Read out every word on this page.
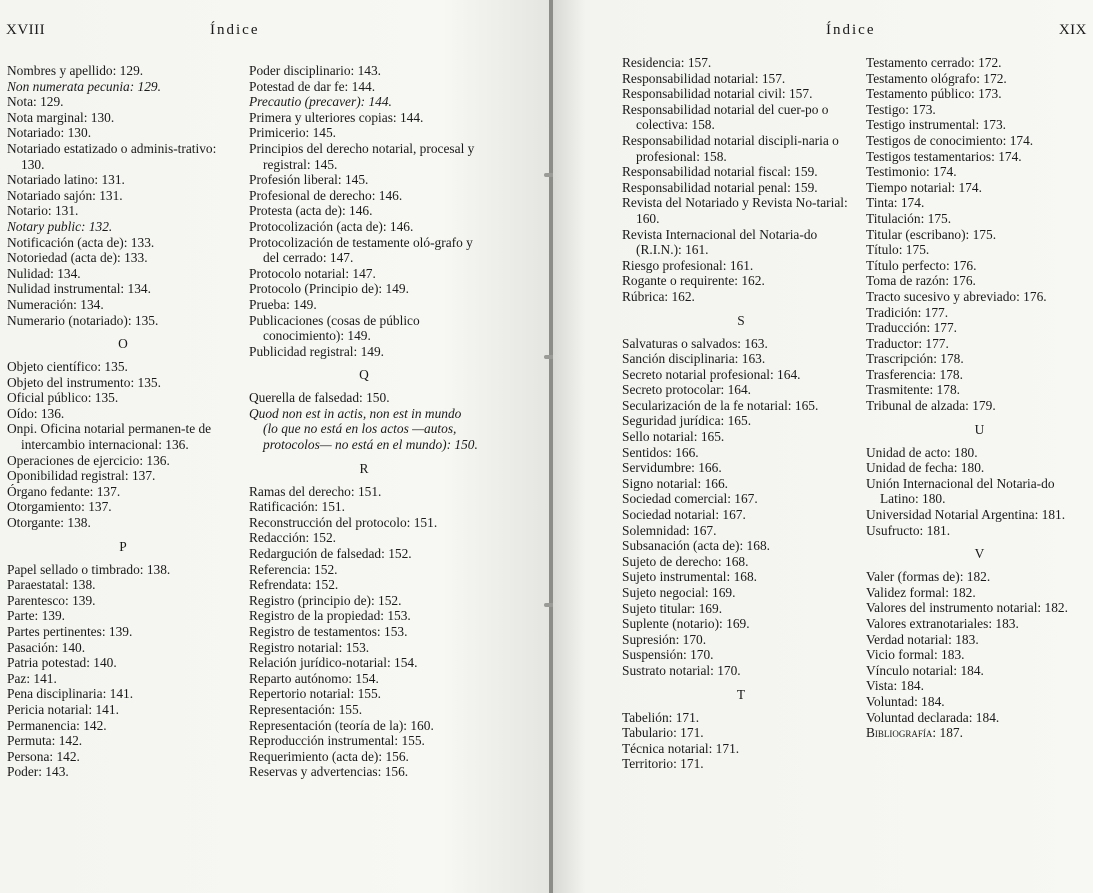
XVIII	Índice

Nombres y apellido: 129.

Non numerata pecunia: 129.

Nota: 129.

Nota marginal: 130.

Notariado: 130.

Notariado estatizado o adminis-trativo: 130.

Notariado latino: 131.

Notariado sajón: 131.

Notario: 131.

Notary public: 132.

Notificación (acta de): 133.

Notoriedad (acta de): 133.

Nulidad: 134.

Nulidad instrumental: 134.

Numeración: 134.

Numerario (notariado): 135.

O

Objeto científico: 135.

Objeto del instrumento: 135.

Oficial público: 135.

Oído: 136.

Onpi. Oficina notarial permanen-te de intercambio internacional: 136.

Operaciones de ejercicio: 136.

Oponibilidad registral: 137.

Órgano fedante: 137.

Otorgamiento: 137.

Otorgante: 138.

P

Papel sellado o timbrado: 138.

Paraestatal: 138.

Parentesco: 139.

Parte: 139.

Partes pertinentes: 139.

Pasación: 140.

Patria potestad: 140.

Paz: 141.

Pena disciplinaria: 141.

Pericia notarial: 141.

Permanencia: 142.

Permuta: 142.

Persona: 142.

Poder: 143.

Poder disciplinario: 143.

Potestad de dar fe: 144.

Precautio (precaver): 144.

Primera y ulteriores copias: 144.

Primicerio: 145.

Principios del derecho notarial, procesal y registral: 145.

Profesión liberal: 145.

Profesional de derecho: 146.

Protesta (acta de): 146.

Protocolización (acta de): 146.

Protocolización de testamente oló-grafo y del cerrado: 147.

Protocolo notarial: 147.

Protocolo (Principio de): 149.

Prueba: 149.

Publicaciones (cosas de público conocimiento): 149.

Publicidad registral: 149.

Q

Querella de falsedad: 150.

Quod non est in actis, non est in mundo (lo que no está en los actos —autos, protocolos— no está en el mundo): 150.

R

Ramas del derecho: 151.

Ratificación: 151.

Reconstrucción del protocolo: 151.

Redacción: 152.

Redargución de falsedad: 152.

Referencia: 152.

Refrendata: 152.

Registro (principio de): 152.

Registro de la propiedad: 153.

Registro de testamentos: 153.

Registro notarial: 153.

Relación jurídico-notarial: 154.

Reparto autónomo: 154.

Repertorio notarial: 155.

Representación: 155.

Representación (teoría de la): 160.

Reproducción instrumental: 155.

Requerimiento (acta de): 156.

Reservas y advertencias: 156.

Índice	XIX

Residencia: 157.

Responsabilidad notarial: 157.

Responsabilidad notarial civil: 157.

Responsabilidad notarial del cuer-po o colectiva: 158.

Responsabilidad notarial discipli-naria o profesional: 158.

Responsabilidad notarial fiscal: 159.

Responsabilidad notarial penal: 159.

Revista del Notariado y Revista No-tarial: 160.

Revista Internacional del Notaria-do (R.I.N.): 161.

Riesgo profesional: 161.

Rogante o requirente: 162.

Rúbrica: 162.

S

Salvaturas o salvados: 163.

Sanción disciplinaria: 163.

Secreto notarial profesional: 164.

Secreto protocolar: 164.

Secularización de la fe notarial: 165.

Seguridad jurídica: 165.

Sello notarial: 165.

Sentidos: 166.

Servidumbre: 166.

Signo notarial: 166.

Sociedad comercial: 167.

Sociedad notarial: 167.

Solemnidad: 167.

Subsanación (acta de): 168.

Sujeto de derecho: 168.

Sujeto instrumental: 168.

Sujeto negocial: 169.

Sujeto titular: 169.

Suplente (notario): 169.

Supresión: 170.

Suspensión: 170.

Sustrato notarial: 170.

T

Tabelión: 171.

Tabulario: 171.

Técnica notarial: 171.

Territorio: 171.

Testamento cerrado: 172.

Testamento ológrafo: 172.

Testamento público: 173.

Testigo: 173.

Testigo instrumental: 173.

Testigos de conocimiento: 174.

Testigos testamentarios: 174.

Testimonio: 174.

Tiempo notarial: 174.

Tinta: 174.

Titulación: 175.

Titular (escribano): 175.

Título: 175.

Título perfecto: 176.

Toma de razón: 176.

Tracto sucesivo y abreviado: 176.

Tradición: 177.

Traducción: 177.

Traductor: 177.

Trascripción: 178.

Trasferencia: 178.

Trasmitente: 178.

Tribunal de alzada: 179.

U

Unidad de acto: 180.

Unidad de fecha: 180.

Unión Internacional del Notaria-do Latino: 180.

Universidad Notarial Argentina: 181.

Usufructo: 181.

V

Valer (formas de): 182.

Validez formal: 182.

Valores del instrumento notarial: 182.

Valores extranotariales: 183.

Verdad notarial: 183.

Vicio formal: 183.

Vínculo notarial: 184.

Vista: 184.

Voluntad: 184.

Voluntad declarada: 184.

Bibliografía: 187.
